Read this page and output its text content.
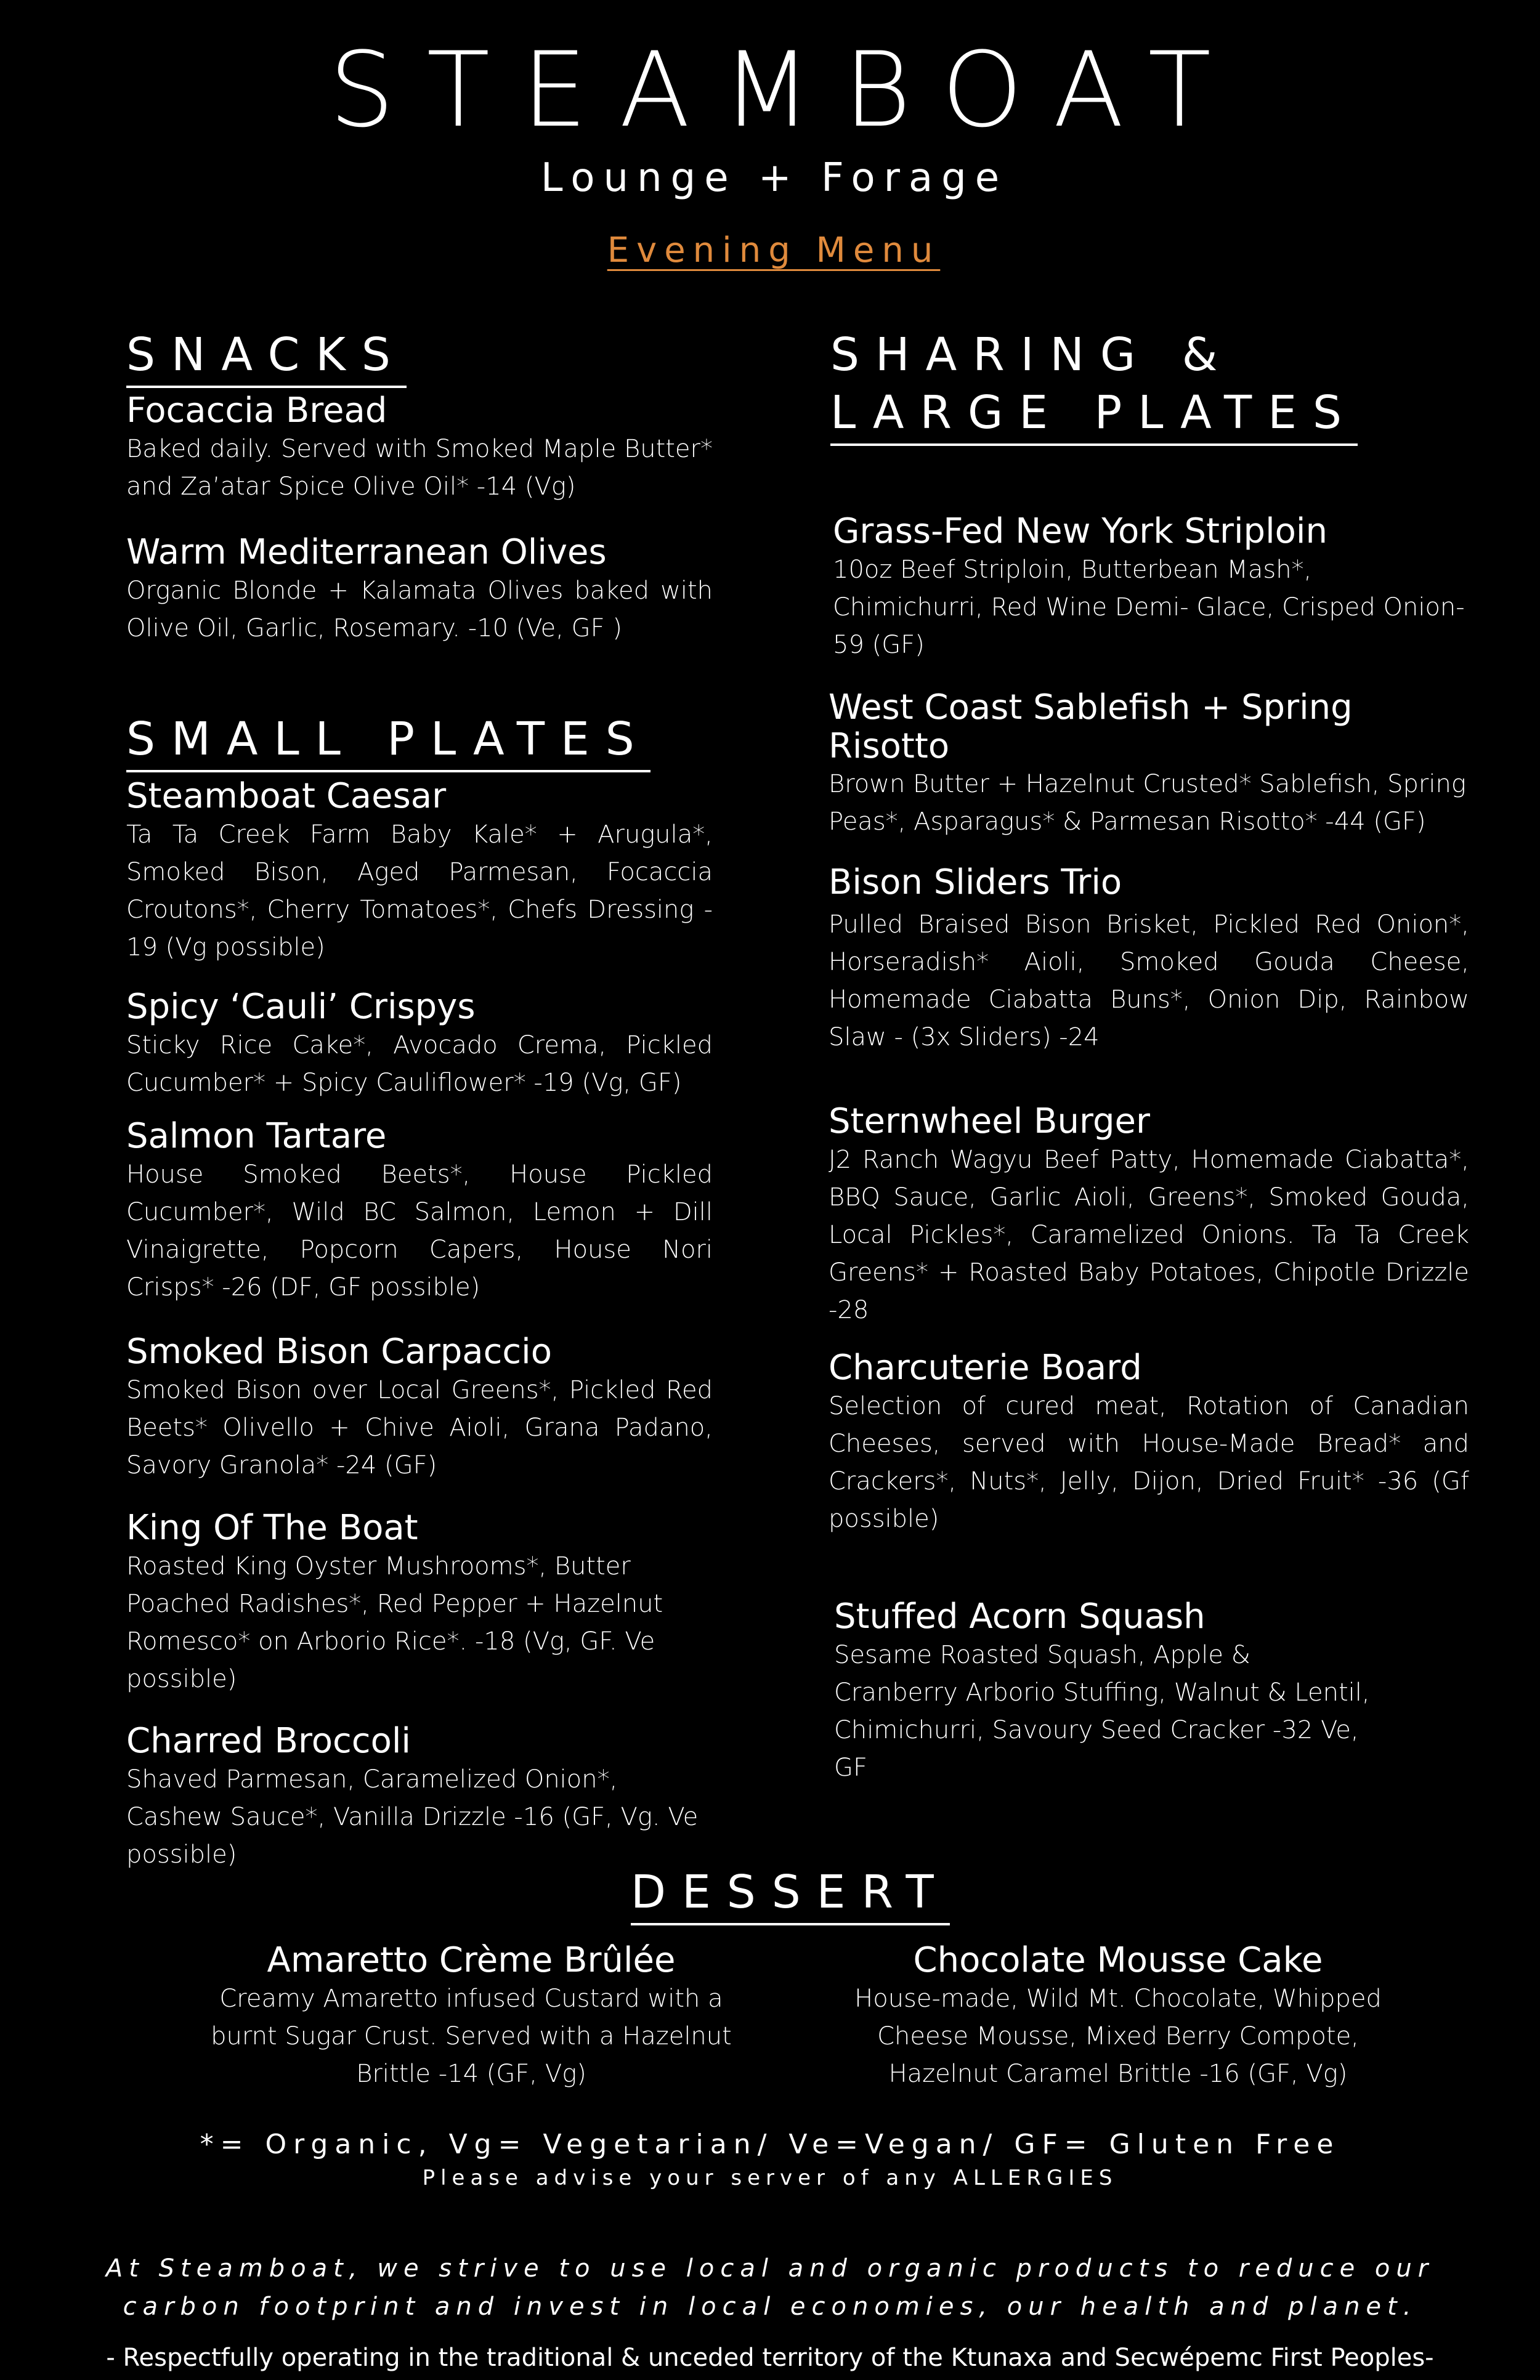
STEAMBOAT
Lounge + Forage
Evening Menu
SNACKS
Focaccia Bread

Baked daily. Served with Smoked Maple Butter* and Za’atar Spice Olive Oil* -14 (Vg)

Warm Mediterranean Olives

Organic Blonde + Kalamata Olives baked with Olive Oil, Garlic, Rosemary. -10 (Ve, GF )

SMALL PLATES
Steamboat Caesar

Ta Ta Creek Farm Baby Kale* + Arugula*, Smoked Bison, Aged Parmesan, Focaccia Croutons*, Cherry Tomatoes*, Chefs Dressing - 19 (Vg possible)

Spicy ‘Cauli’ Crispys

Sticky Rice Cake*, Avocado Crema, Pickled Cucumber* + Spicy Cauliflower* -19 (Vg, GF)

Salmon Tartare

House Smoked Beets*, House Pickled Cucumber*, Wild BC Salmon, Lemon + Dill Vinaigrette, Popcorn Capers, House Nori Crisps* -26 (DF, GF possible)

Smoked Bison Carpaccio

Smoked Bison over Local Greens*, Pickled Red Beets* Olivello + Chive Aioli, Grana Padano, Savory Granola* -24 (GF)

King Of The Boat

Roasted King Oyster Mushrooms*, Butter Poached Radishes*, Red Pepper + Hazelnut Romesco* on Arborio Rice*. -18 (Vg, GF. Ve possible)

Charred Broccoli

Shaved Parmesan, Caramelized Onion*, Cashew Sauce*, Vanilla Drizzle -16 (GF, Vg. Ve possible)

SHARING &
LARGE PLATES
Grass-Fed New York Striploin

10oz Beef Striploin, Butterbean Mash*, Chimichurri, Red Wine Demi- Glace, Crisped Onion- 59 (GF)

West Coast Sablefish + Spring Risotto

Brown Butter + Hazelnut Crusted* Sablefish, Spring Peas*, Asparagus* & Parmesan Risotto* -44 (GF)

Bison Sliders Trio

Pulled Braised Bison Brisket, Pickled Red Onion*, Horseradish* Aioli, Smoked Gouda Cheese, Homemade Ciabatta Buns*, Onion Dip, Rainbow Slaw - (3x Sliders) -24

Sternwheel Burger

J2 Ranch Wagyu Beef Patty, Homemade Ciabatta*, BBQ Sauce, Garlic Aioli, Greens*, Smoked Gouda, Local Pickles*, Caramelized Onions. Ta Ta Creek Greens* + Roasted Baby Potatoes, Chipotle Drizzle -28

Charcuterie Board

Selection of cured meat, Rotation of Canadian Cheeses, served with House-Made Bread* and Crackers*, Nuts*, Jelly, Dijon, Dried Fruit* -36 (Gf possible)

Stuffed Acorn Squash

Sesame Roasted Squash, Apple & Cranberry Arborio Stuffing, Walnut & Lentil, Chimichurri, Savoury Seed Cracker -32 Ve, GF

DESSERT
Amaretto Crème Brûlée

Creamy Amaretto infused Custard with a burnt Sugar Crust. Served with a Hazelnut Brittle -14 (GF, Vg)

Chocolate Mousse Cake

House-made, Wild Mt. Chocolate, Whipped Cheese Mousse, Mixed Berry Compote, Hazelnut Caramel Brittle -16 (GF, Vg)

*= Organic, Vg= Vegetarian/ Ve=Vegan/ GF= Gluten Free
Please advise your server of any ALLERGIES
At Steamboat, we strive to use local and organic products to reduce our
carbon footprint and invest in local economies, our health and planet.
- Respectfully operating in the traditional & unceded territory of the Ktunaxa and Secwépemc First Peoples-
